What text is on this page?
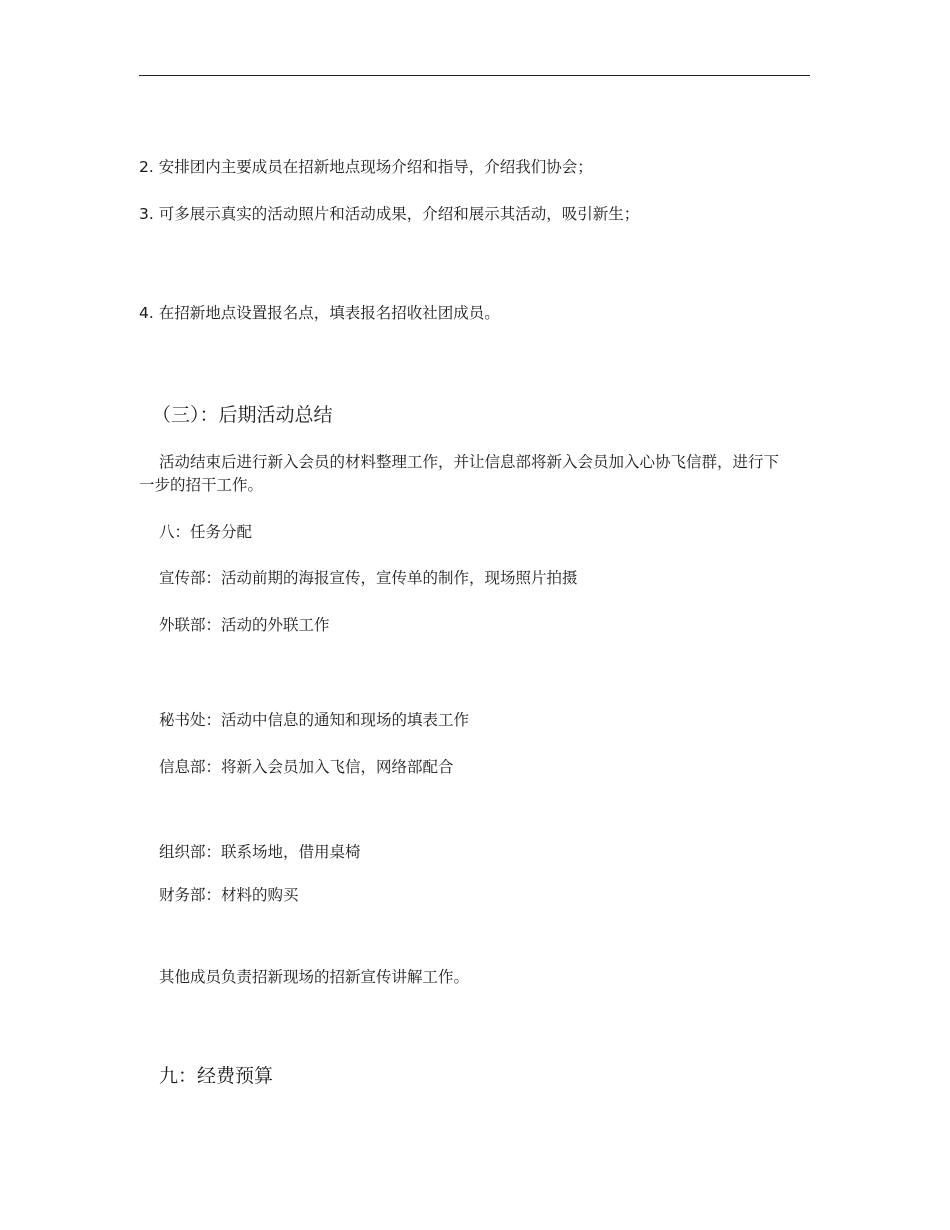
2. 安排团内主要成员在招新地点现场介绍和指导，介绍我们协会；

3. 可多展示真实的活动照片和活动成果，介绍和展示其活动，吸引新生；

4. 在招新地点设置报名点，填表报名招收社团成员。

（三）：后期活动总结

活动结束后进行新入会员的材料整理工作，并让信息部将新入会员加入心协飞信群，进行下一步的招干工作。

八：任务分配

宣传部：活动前期的海报宣传，宣传单的制作，现场照片拍摄

外联部：活动的外联工作

秘书处：活动中信息的通知和现场的填表工作

信息部：将新入会员加入飞信，网络部配合

组织部：联系场地，借用桌椅

财务部：材料的购买

其他成员负责招新现场的招新宣传讲解工作。

九：经费预算
